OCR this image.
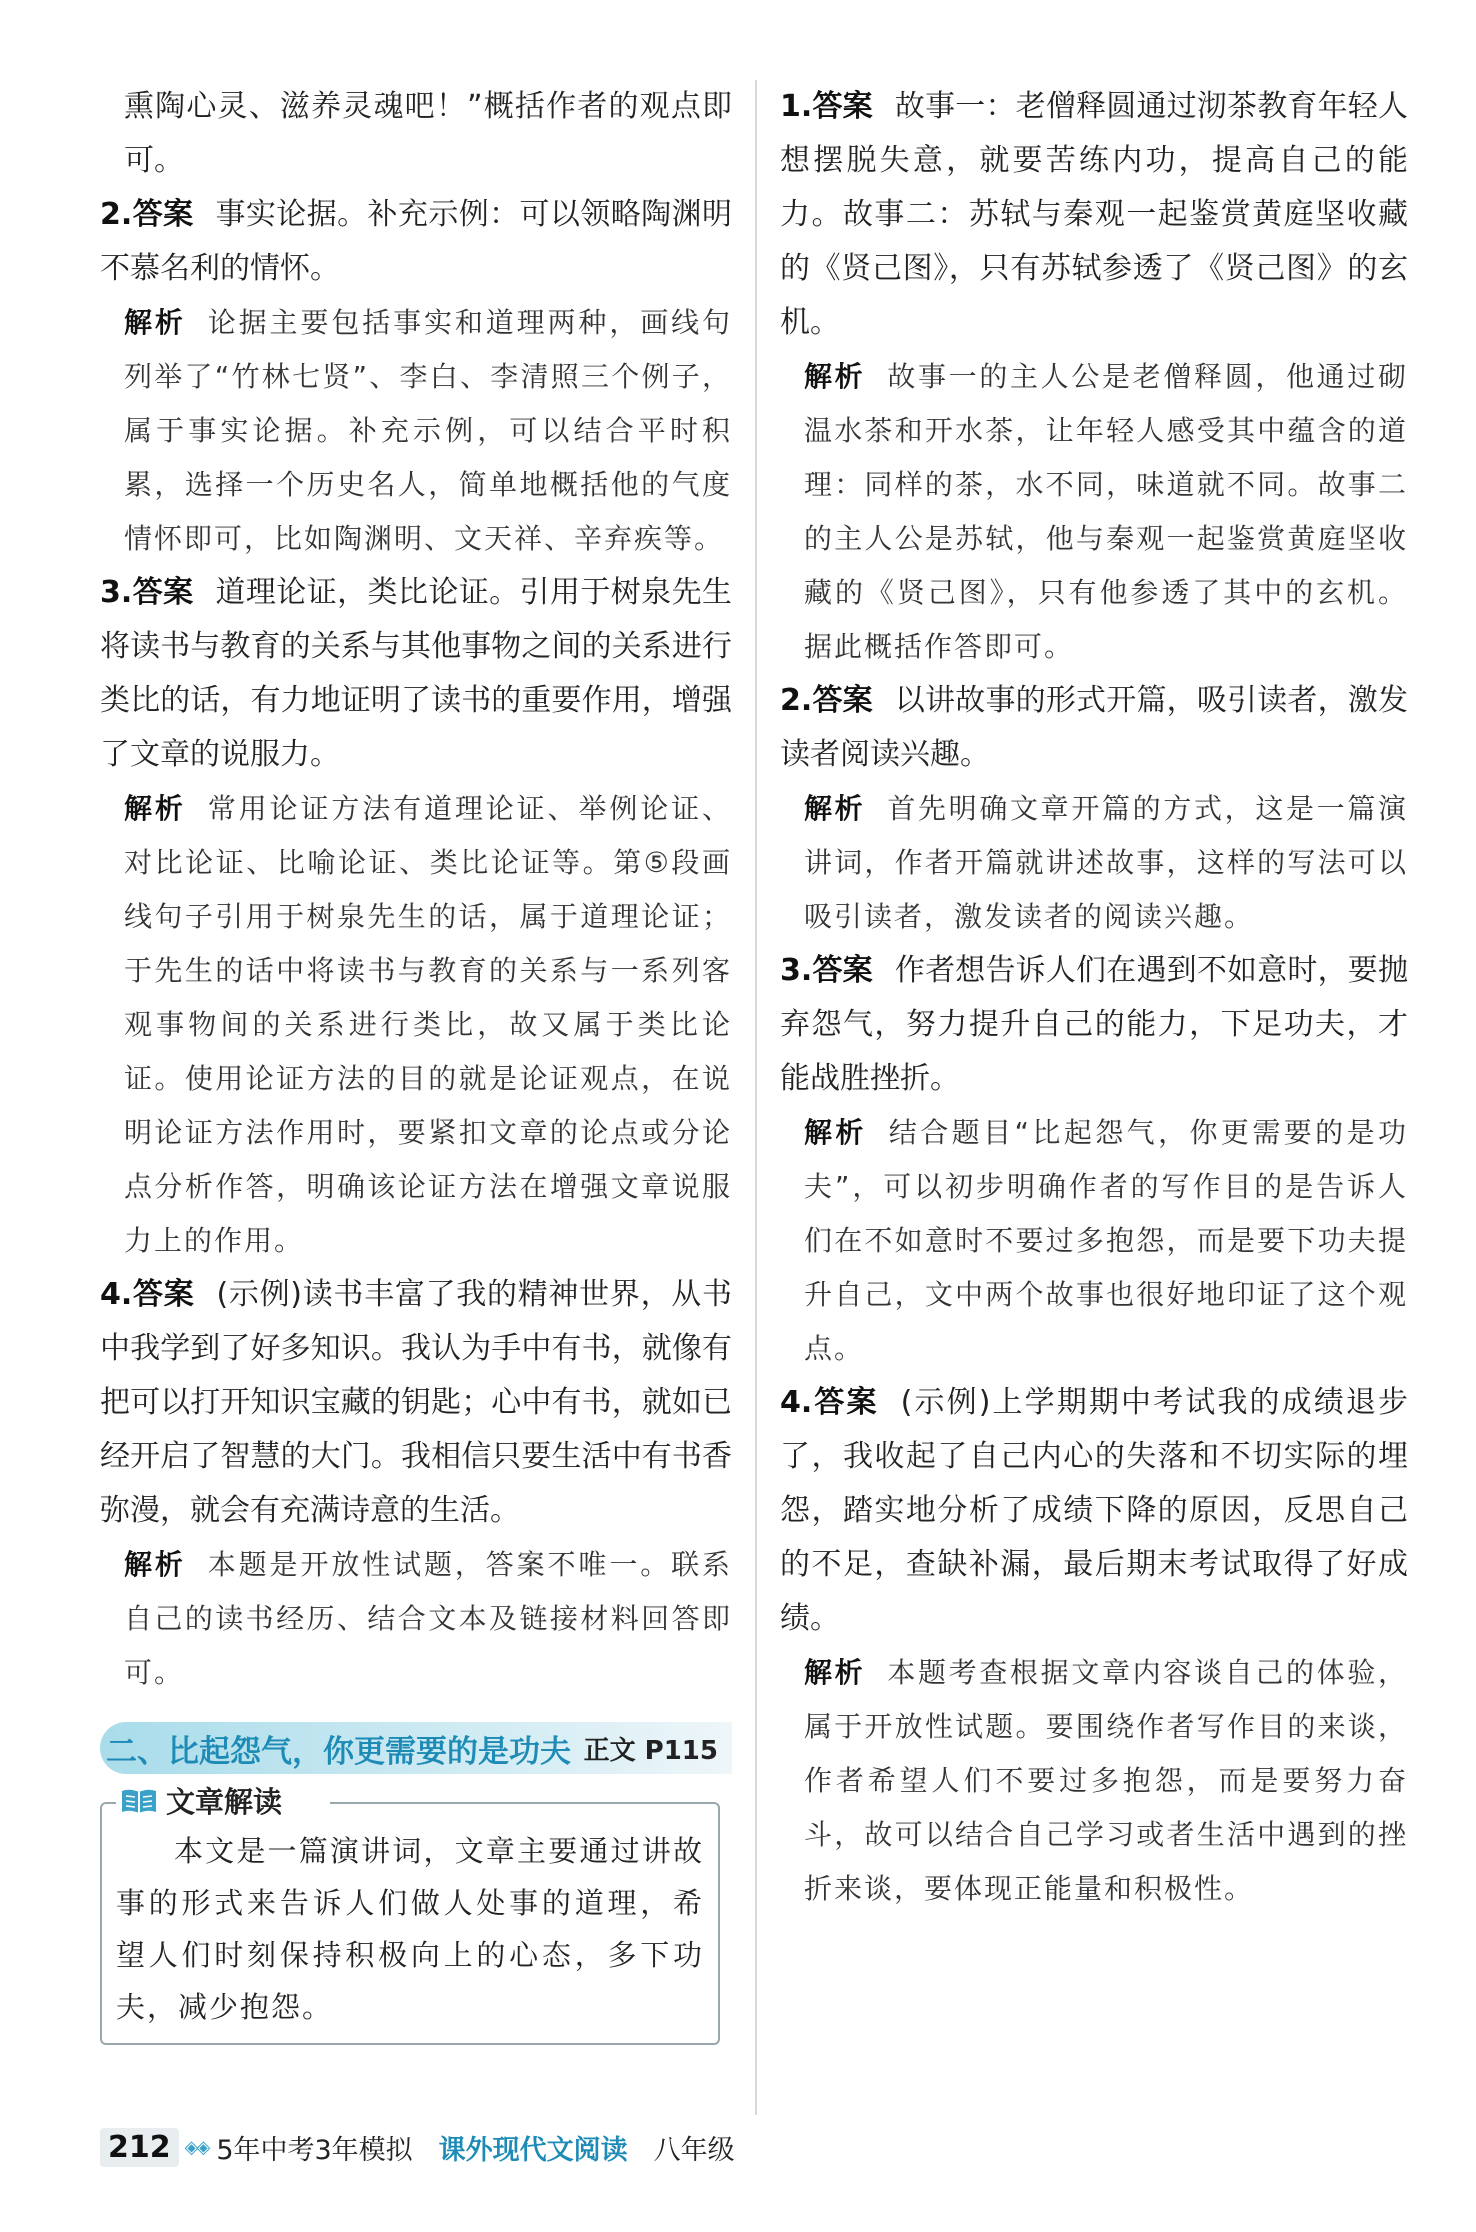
熏陶心灵、滋养灵魂吧！”概括作者的观点即可。

2.答案 事实论据。补充示例：可以领略陶渊明不慕名利的情怀。

解析 论据主要包括事实和道理两种，画线句列举了“竹林七贤”、李白、李清照三个例子，属于事实论据。补充示例，可以结合平时积累，选择一个历史名人，简单地概括他的气度情怀即可，比如陶渊明、文天祥、辛弃疾等。

3.答案 道理论证，类比论证。引用于树泉先生将读书与教育的关系与其他事物之间的关系进行类比的话，有力地证明了读书的重要作用，增强了文章的说服力。

解析 常用论证方法有道理论证、举例论证、对比论证、比喻论证、类比论证等。第⑤段画线句子引用于树泉先生的话，属于道理论证；于先生的话中将读书与教育的关系与一系列客观事物间的关系进行类比，故又属于类比论证。使用论证方法的目的就是论证观点，在说明论证方法作用时，要紧扣文章的论点或分论点分析作答，明确该论证方法在增强文章说服力上的作用。

4.答案 (示例)读书丰富了我的精神世界，从书中我学到了好多知识。我认为手中有书，就像有把可以打开知识宝藏的钥匙；心中有书，就如已经开启了智慧的大门。我相信只要生活中有书香弥漫，就会有充满诗意的生活。

解析 本题是开放性试题，答案不唯一。联系自己的读书经历、结合文本及链接材料回答即可。

二、比起怨气，你更需要的是功夫 正文 P115
文章解读

本文是一篇演讲词，文章主要通过讲故事的形式来告诉人们做人处事的道理，希望人们时刻保持积极向上的心态，多下功夫，减少抱怨。

1.答案 故事一：老僧释圆通过沏茶教育年轻人想摆脱失意，就要苦练内功，提高自己的能力。故事二：苏轼与秦观一起鉴赏黄庭坚收藏的《贤己图》，只有苏轼参透了《贤己图》的玄机。

解析 故事一的主人公是老僧释圆，他通过砌温水茶和开水茶，让年轻人感受其中蕴含的道理：同样的茶，水不同，味道就不同。故事二的主人公是苏轼，他与秦观一起鉴赏黄庭坚收藏的《贤己图》，只有他参透了其中的玄机。据此概括作答即可。

2.答案 以讲故事的形式开篇，吸引读者，激发读者阅读兴趣。

解析 首先明确文章开篇的方式，这是一篇演讲词，作者开篇就讲述故事，这样的写法可以吸引读者，激发读者的阅读兴趣。

3.答案 作者想告诉人们在遇到不如意时，要抛弃怨气，努力提升自己的能力，下足功夫，才能战胜挫折。

解析 结合题目“比起怨气，你更需要的是功夫”，可以初步明确作者的写作目的是告诉人们在不如意时不要过多抱怨，而是要下功夫提升自己，文中两个故事也很好地印证了这个观点。

4.答案 (示例)上学期期中考试我的成绩退步了，我收起了自己内心的失落和不切实际的埋怨，踏实地分析了成绩下降的原因，反思自己的不足，查缺补漏，最后期末考试取得了好成绩。

解析 本题考查根据文章内容谈自己的体验，属于开放性试题。要围绕作者写作目的来谈，作者希望人们不要过多抱怨，而是要努力奋斗，故可以结合自己学习或者生活中遇到的挫折来谈，要体现正能量和积极性。

212 ◈◈ 5年中考3年模拟 课外现代文阅读 八年级
